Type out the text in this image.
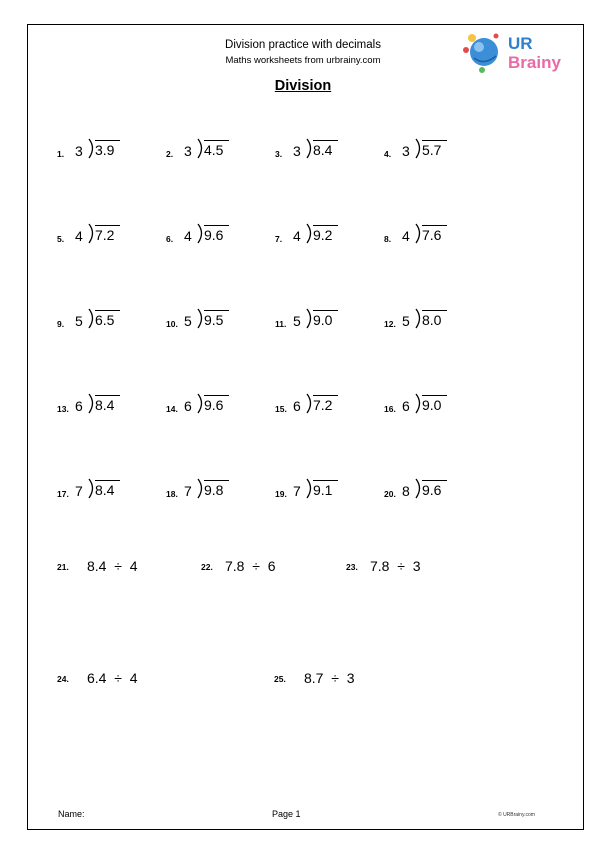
Division practice with decimals
Maths worksheets from urbrainy.com
UR
Brainy
Division
1. 3 3.9	2. 3 4.5	3. 3 8.4	4. 3 5.7
5. 4 7.2	6. 4 9.6	7. 4 9.2	8. 4 7.6
9. 5 6.5	10. 5 9.5	11. 5 9.0	12. 5 8.0
13. 6 8.4	14. 6 9.6	15. 6 7.2	16. 6 9.0
17. 7 8.4	18. 7 9.8	19. 7 9.1	20. 8 9.6
21. 8.4  ÷  4	22. 7.8  ÷  6	23. 7.8  ÷  3
24. 6.4  ÷  4	25. 8.7  ÷  3
Name:	Page 1	© URBrainy.com
